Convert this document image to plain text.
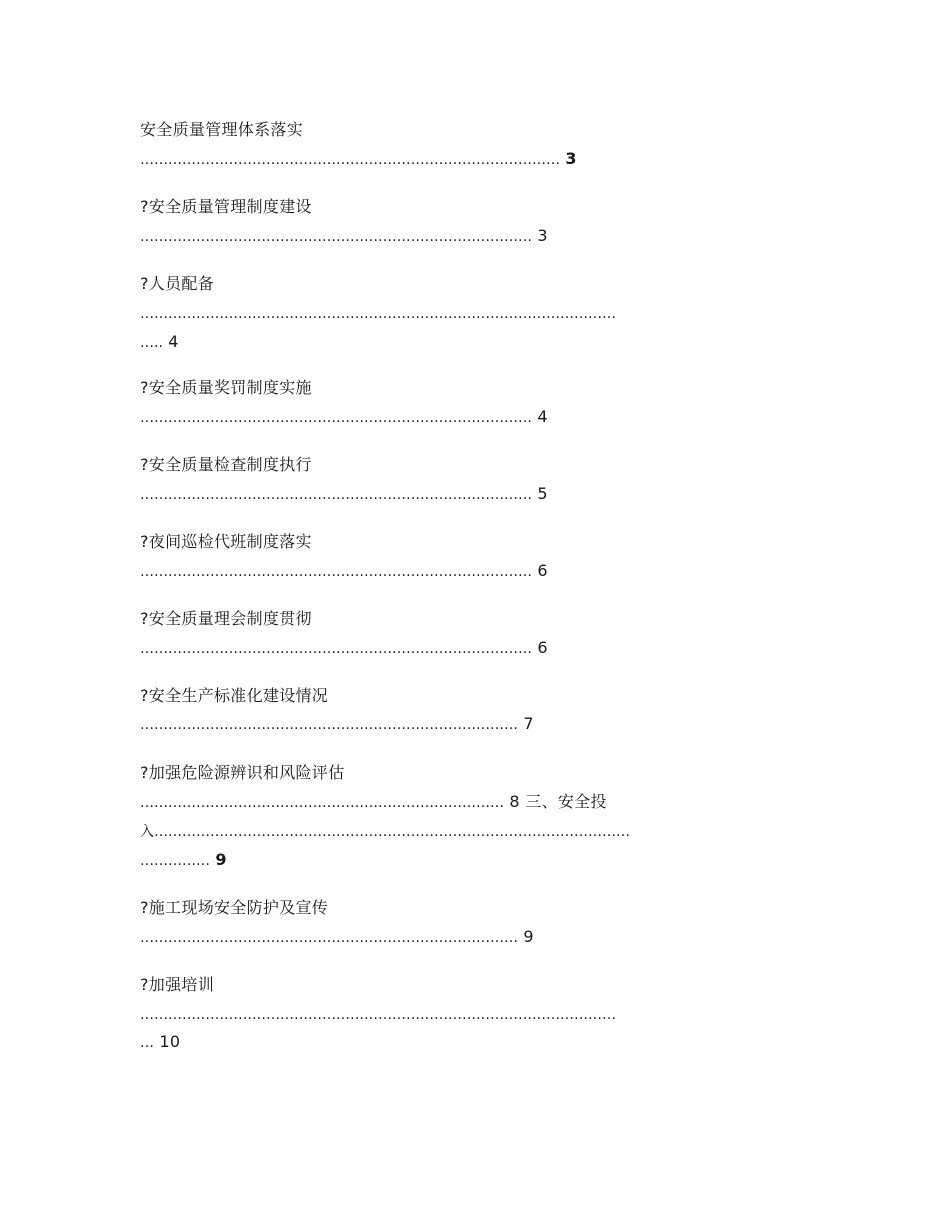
安全质量管理体系落实
……………………………………………………………………………… 3
?安全质量管理制度建设
………………………………………………………………………… 3
?人员配备
…………………………………………………………………………………………
….. 4
?安全质量奖罚制度实施
………………………………………………………………………… 4
?安全质量检查制度执行
………………………………………………………………………… 5
?夜间巡检代班制度落实
………………………………………………………………………… 6
?安全质量理会制度贯彻
………………………………………………………………………… 6
?安全生产标准化建设情况
……………………………………………………………………… 7
?加强危险源辨识和风险评估
…………………………………………………………………… 8 三、安全投
入…………………………………………………………………………………………
…………… 9
?施工现场安全防护及宣传
……………………………………………………………………… 9
?加强培训
…………………………………………………………………………………………
… 10
